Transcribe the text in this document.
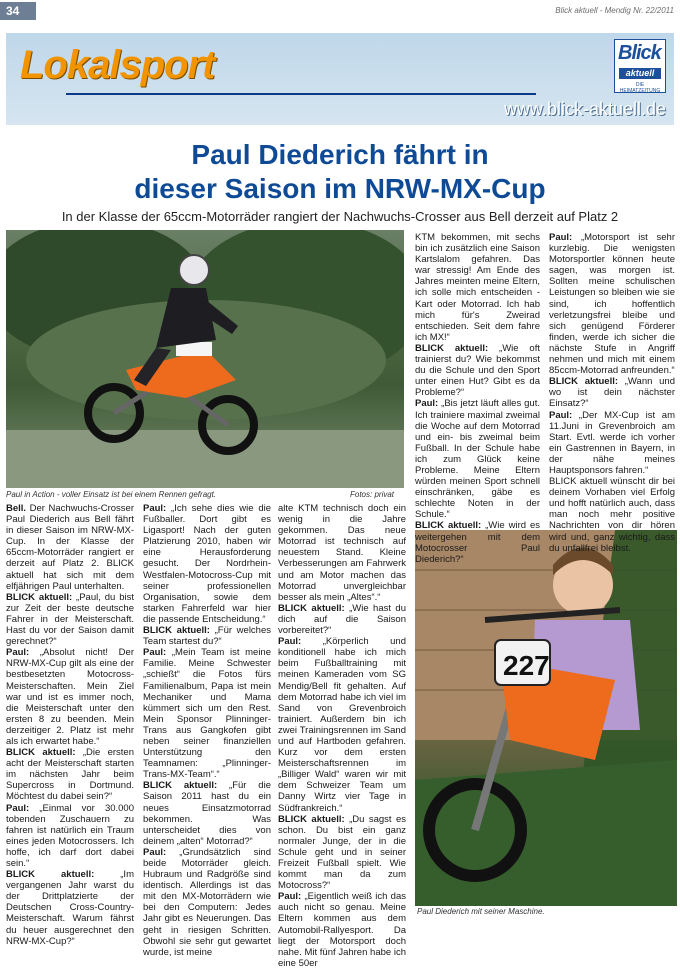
34	Blick aktuell - Mendig Nr. 22/2011
Lokalsport
www.blick-aktuell.de
Blick
aktuell
DIE HEIMATZEITUNG
Paul Diederich fährt in
dieser Saison im NRW-MX-Cup
In der Klasse der 65ccm-Motorräder rangiert der Nachwuchs-Crosser aus Bell derzeit auf Platz 2
Paul in Action - voller Einsatz ist bei einem Rennen gefragt.	Fotos: privat
227
Paul Diederich mit seiner Maschine.

Bell. Der Nachwuchs-Crosser Paul Diederich aus Bell fährt in dieser Saison im NRW-MX-Cup. In der Klasse der 65ccm-Motorräder rangiert er derzeit auf Platz 2. BLICK aktuell hat sich mit dem elfjährigen Paul unterhalten.

BLICK aktuell: „Paul, du bist zur Zeit der beste deutsche Fahrer in der Meisterschaft. Hast du vor der Saison damit gerechnet?“

Paul: „Absolut nicht! Der NRW-MX-Cup gilt als eine der bestbesetzten Motocross-Meisterschaften. Mein Ziel war und ist es immer noch, die Meisterschaft unter den ersten 8 zu beenden. Mein derzeitiger 2. Platz ist mehr als ich erwartet habe.“

BLICK aktuell: „Die ersten acht der Meisterschaft starten im nächsten Jahr beim Supercross in Dortmund. Möchtest du dabei sein?“

Paul: „Einmal vor 30.000 tobenden Zuschauern zu fahren ist natürlich ein Traum eines jeden Motocrossers. Ich hoffe, ich darf dort dabei sein.“

BLICK aktuell: „Im vergangenen Jahr warst du der Drittplatzierte der Deutschen Cross-Country-Meisterschaft. Warum fährst du heuer ausgerechnet den NRW-MX-Cup?“

Paul: „Ich sehe dies wie die Fußballer. Dort gibt es Ligasport! Nach der guten Platzierung 2010, haben wir eine Herausforderung gesucht. Der Nordrhein-Westfalen-Motocross-Cup mit seiner professionellen Organisation, sowie dem starken Fahrerfeld war hier die passende Entscheidung.“

BLICK aktuell: „Für welches Team startest du?“

Paul: „Mein Team ist meine Familie. Meine Schwester „schießt“ die Fotos fürs Familienalbum, Papa ist mein Mechaniker und Mama kümmert sich um den Rest. Mein Sponsor Plinninger-Trans aus Gangkofen gibt neben seiner finanziellen Unterstützung den Teamnamen: „Plinninger-Trans-MX-Team“.“

BLICK aktuell: „Für die Saison 2011 hast du ein neues Einsatzmotorrad bekommen. Was unterscheidet dies von deinem „alten“ Motorrad?“

Paul: „Grundsätzlich sind beide Motorräder gleich. Hubraum und Radgröße sind identisch. Allerdings ist das mit den MX-Motorrädern wie bei den Computern: Jedes Jahr gibt es Neuerungen. Das geht in riesigen Schritten. Obwohl sie sehr gut gewartet wurde, ist meine

alte KTM technisch doch ein wenig in die Jahre gekommen. Das neue Motorrad ist technisch auf neuestem Stand. Kleine Verbesserungen am Fahrwerk und am Motor machen das Motorrad unvergleichbar besser als mein „Altes“.“

BLICK aktuell: „Wie hast du dich auf die Saison vorbereitet?“

Paul: „Körperlich und konditionell habe ich mich beim Fußballtraining mit meinen Kameraden vom SG Mendig/Bell fit gehalten. Auf dem Motorrad habe ich viel im Sand von Grevenbroich trainiert. Außerdem bin ich zwei Trainingsrennen im Sand und auf Hartboden gefahren. Kurz vor dem ersten Meisterschaftsrennen im „Billiger Wald“ waren wir mit dem Schweizer Team um Danny Wirtz vier Tage in Südfrankreich.“

BLICK aktuell: „Du sagst es schon. Du bist ein ganz normaler Junge, der in die Schule geht und in seiner Freizeit Fußball spielt. Wie kommt man da zum Motocross?“

Paul: „Eigentlich weiß ich das auch nicht so genau. Meine Eltern kommen aus dem Automobil-Rallyesport. Da liegt der Motorsport doch nahe. Mit fünf Jahren habe ich eine 50er

KTM bekommen, mit sechs bin ich zusätzlich eine Saison Kartslalom gefahren. Das war stressig! Am Ende des Jahres meinten meine Eltern, ich solle mich entscheiden - Kart oder Motorrad. Ich hab mich für's Zweirad entschieden. Seit dem fahre ich MX!“

BLICK aktuell: „Wie oft trainierst du? Wie bekommst du die Schule und den Sport unter einen Hut? Gibt es da Probleme?“

Paul: „Bis jetzt läuft alles gut. Ich trainiere maximal zweimal die Woche auf dem Motorrad und ein- bis zweimal beim Fußball. In der Schule habe ich zum Glück keine Probleme. Meine Eltern würden meinen Sport schnell einschränken, gäbe es schlechte Noten in der Schule.“

BLICK aktuell: „Wie wird es weitergehen mit dem Motocrosser Paul Diederich?“

Paul: „Motorsport ist sehr kurzlebig. Die wenigsten Motorsportler können heute sagen, was morgen ist. Sollten meine schulischen Leistungen so bleiben wie sie sind, ich hoffentlich verletzungsfrei bleibe und sich genügend Förderer finden, werde ich sicher die nächste Stufe in Angriff nehmen und mich mit einem 85ccm-Motorrad anfreunden.“

BLICK aktuell: „Wann und wo ist dein nächster Einsatz?“

Paul: „Der MX-Cup ist am 11.Juni in Grevenbroich am Start. Evtl. werde ich vorher ein Gastrennen in Bayern, in der nähe meines Hauptsponsors fahren.“

BLICK aktuell wünscht dir bei deinem Vorhaben viel Erfolg und hofft natürlich auch, dass man noch mehr positive Nachrichten von dir hören wird und, ganz wichtig, dass du unfallfrei bleibst.
